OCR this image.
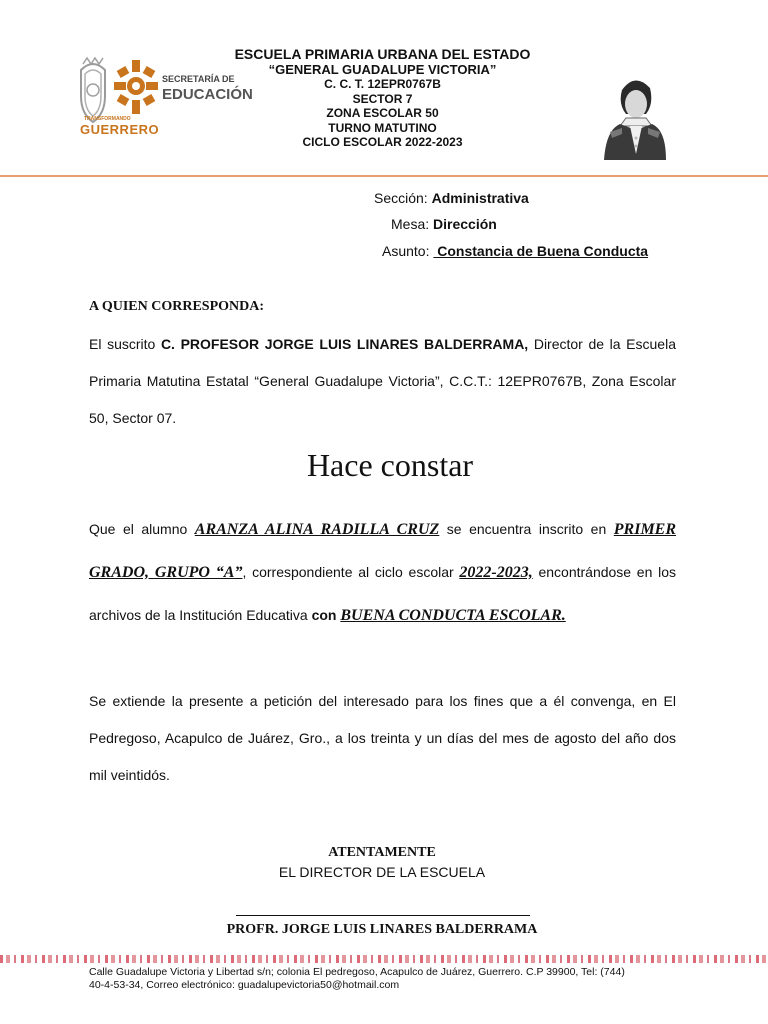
SECRETARÍA DE
EDUCACIÓN
TRANSFORMANDO
GUERRERO
ESCUELA PRIMARIA URBANA DEL ESTADO
“GENERAL GUADALUPE VICTORIA”
C. C. T. 12EPR0767B
SECTOR 7
ZONA ESCOLAR 50
TURNO MATUTINO
CICLO ESCOLAR 2022-2023
Sección: Administrativa
Mesa: Dirección
Asunto:  Constancia de Buena Conducta
A QUIEN CORRESPONDA:
El suscrito C. PROFESOR JORGE LUIS LINARES BALDERRAMA, Director de la Escuela Primaria Matutina Estatal “General Guadalupe Victoria”, C.C.T.: 12EPR0767B, Zona Escolar 50, Sector 07.
Hace constar
Que el alumno ARANZA ALINA RADILLA CRUZ se encuentra inscrito en PRIMER GRADO, GRUPO “A”, correspondiente al ciclo escolar 2022-2023, encontrándose en los archivos de la Institución Educativa con BUENA CONDUCTA ESCOLAR.
Se extiende la presente a petición del interesado para los fines que a él convenga, en El Pedregoso, Acapulco de Juárez, Gro., a los treinta y un días del mes de agosto del año dos mil veintidós.
ATENTAMENTE
EL DIRECTOR DE LA ESCUELA
PROFR. JORGE LUIS LINARES BALDERRAMA
Calle Guadalupe Victoria y Libertad s/n; colonia El pedregoso, Acapulco de Juárez, Guerrero. C.P 39900, Tel: (744)
40-4-53-34, Correo electrónico: guadalupevictoria50@hotmail.com
